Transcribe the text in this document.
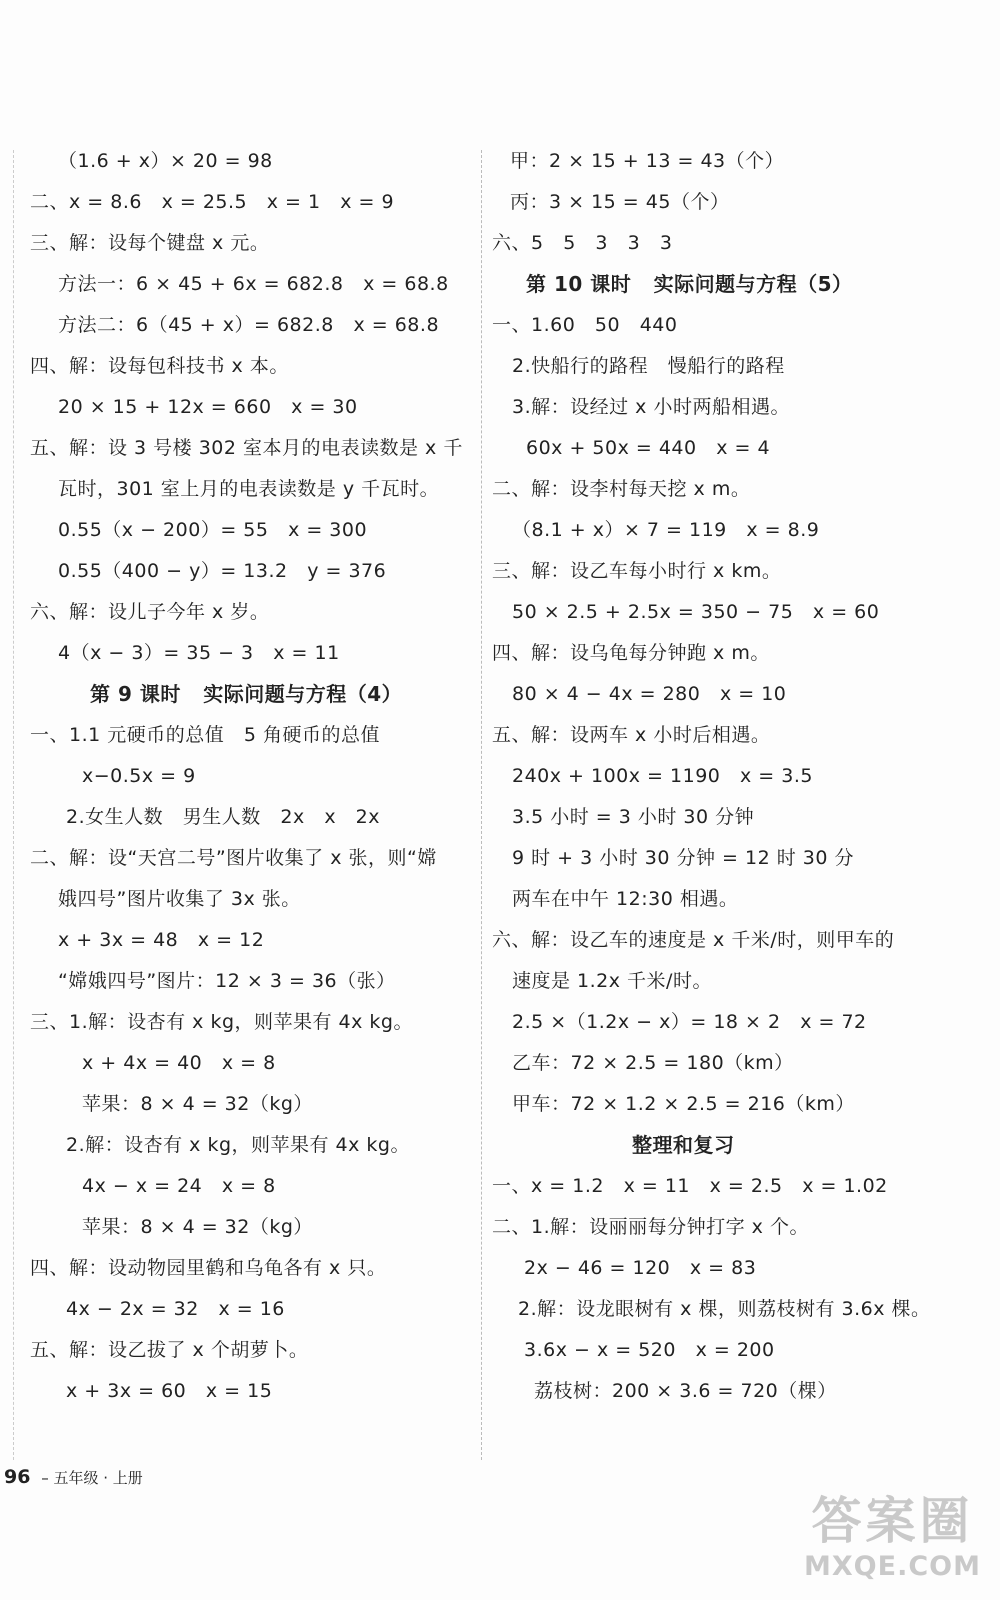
（1.6 + x）× 20 = 98
二、x = 8.6   x = 25.5   x = 1   x = 9
三、解：设每个键盘 x 元。
方法一：6 × 45 + 6x = 682.8   x = 68.8
方法二：6（45 + x）= 682.8   x = 68.8
四、解：设每包科技书 x 本。
20 × 15 + 12x = 660   x = 30
五、解：设 3 号楼 302 室本月的电表读数是 x 千
瓦时，301 室上月的电表读数是 y 千瓦时。
0.55（x − 200）= 55   x = 300
0.55（400 − y）= 13.2   y = 376
六、解：设儿子今年 x 岁。
4（x − 3）= 35 − 3   x = 11
第 9 课时   实际问题与方程（4）
一、1.1 元硬币的总值   5 角硬币的总值
x−0.5x = 9
2.女生人数   男生人数   2x   x   2x
二、解：设“天宫二号”图片收集了 x 张，则“嫦
娥四号”图片收集了 3x 张。
x + 3x = 48   x = 12
“嫦娥四号”图片：12 × 3 = 36（张）
三、1.解：设杏有 x kg，则苹果有 4x kg。
x + 4x = 40   x = 8
苹果：8 × 4 = 32（kg）
2.解：设杏有 x kg，则苹果有 4x kg。
4x − x = 24   x = 8
苹果：8 × 4 = 32（kg）
四、解：设动物园里鹤和乌龟各有 x 只。
4x − 2x = 32   x = 16
五、解：设乙拔了 x 个胡萝卜。
x + 3x = 60   x = 15
甲：2 × 15 + 13 = 43（个）
丙：3 × 15 = 45（个）
六、5   5   3   3   3
第 10 课时   实际问题与方程（5）
一、1.60   50   440
2.快船行的路程   慢船行的路程
3.解：设经过 x 小时两船相遇。
60x + 50x = 440   x = 4
二、解：设李村每天挖 x m。
（8.1 + x）× 7 = 119   x = 8.9
三、解：设乙车每小时行 x km。
50 × 2.5 + 2.5x = 350 − 75   x = 60
四、解：设乌龟每分钟跑 x m。
80 × 4 − 4x = 280   x = 10
五、解：设两车 x 小时后相遇。
240x + 100x = 1190   x = 3.5
3.5 小时 = 3 小时 30 分钟
9 时 + 3 小时 30 分钟 = 12 时 30 分
两车在中午 12:30 相遇。
六、解：设乙车的速度是 x 千米/时，则甲车的
速度是 1.2x 千米/时。
2.5 ×（1.2x − x）= 18 × 2   x = 72
乙车：72 × 2.5 = 180（km）
甲车：72 × 1.2 × 2.5 = 216（km）
整理和复习
一、x = 1.2   x = 11   x = 2.5   x = 1.02
二、1.解：设丽丽每分钟打字 x 个。
2x − 46 = 120   x = 83
2.解：设龙眼树有 x 棵，则荔枝树有 3.6x 棵。
3.6x − x = 520   x = 200
荔枝树：200 × 3.6 = 720（棵）
96 – 五年级 · 上册
答案圈
MXQE.COM
